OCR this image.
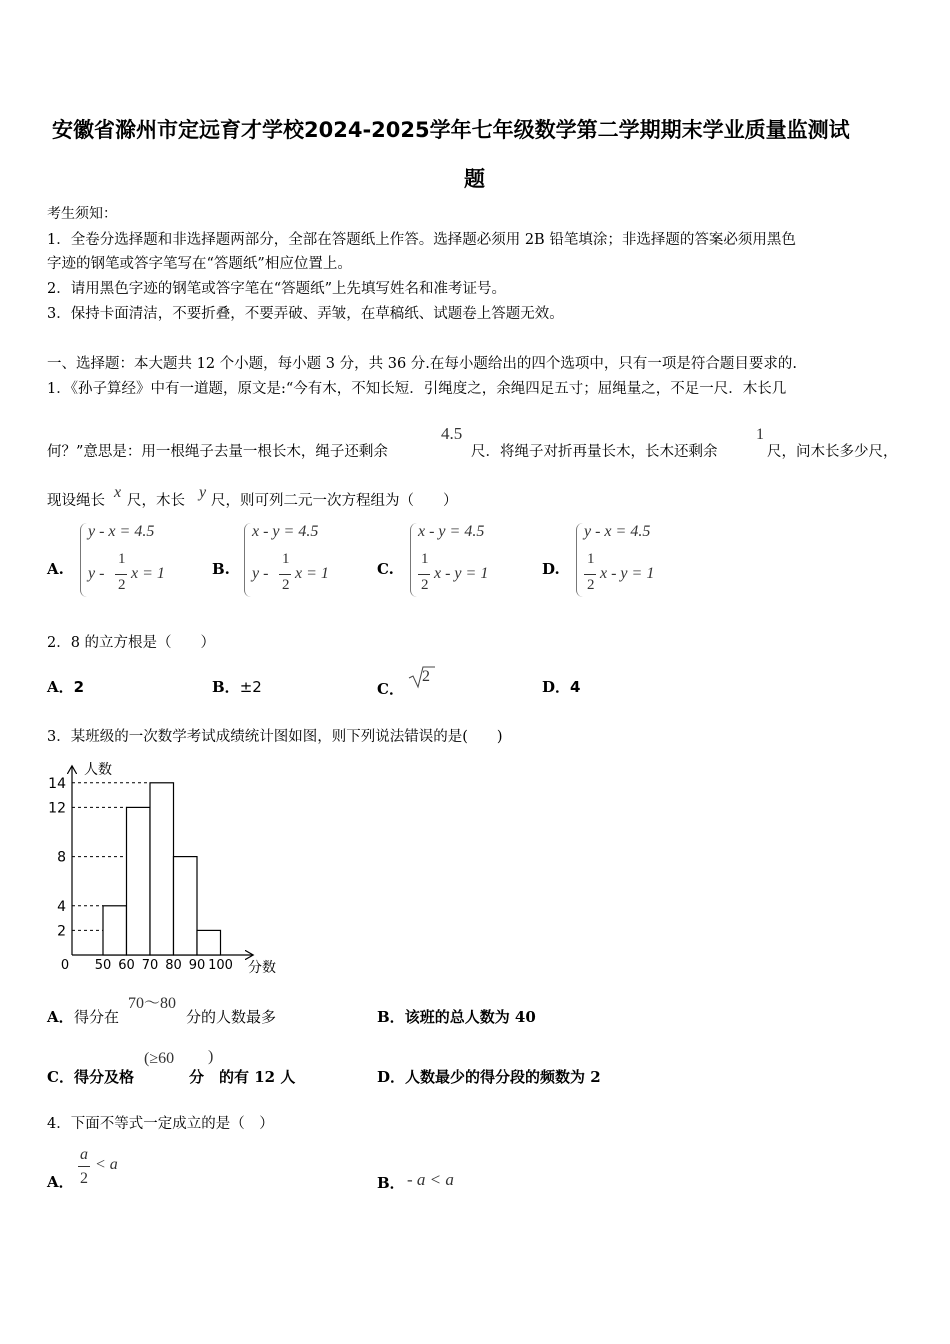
安徽省滁州市定远育才学校2024-2025学年七年级数学第二学期期末学业质量监测试
题
考生须知：
1．全卷分选择题和非选择题两部分，全部在答题纸上作答。选择题必须用 2B 铅笔填涂；非选择题的答案必须用黑色
字迹的钢笔或答字笔写在“答题纸”相应位置上。
2．请用黑色字迹的钢笔或答字笔在“答题纸”上先填写姓名和准考证号。
3．保持卡面清洁，不要折叠，不要弄破、弄皱，在草稿纸、试题卷上答题无效。
一、选择题：本大题共 12 个小题，每小题 3 分，共 36 分.在每小题给出的四个选项中，只有一项是符合题目要求的.
1．《孙子算经》中有一道题，原文是:“今有木，不知长短．引绳度之，余绳四足五寸；屈绳量之，不足一尺．木长几
何？”意思是：用一根绳子去量一根长木，绳子还剩余
4.5
尺．将绳子对折再量长木，长木还剩余
1
尺，问木长多少尺，
现设绳长 x 尺，木长 y 尺，则可列二元一次方程组为（　　）
A.
y - x = 4.5
y -
1
2
x = 1	B.
x - y = 4.5
y -
1
2
x = 1	C.
x - y = 4.5
1
2
x - y = 1	D.
y - x = 4.5
1
2
x - y = 1
2．8 的立方根是（　　）
A．2	B．±2	C．
2
D．4
3．某班级的一次数学考试成绩统计图如图，则下列说法错误的是(　　)
2
4
8
12
14
0 50 60 70 80 90 100
人数
分数
A． 得分在
70～80
分的人数最多	B．该班的总人数为 40
C． 得分及格
(≥60 )
分 的有 12 人	D．人数最少的得分段的频数为 2
4．下面不等式一定成立的是（　）
A．
a
2
< a
B． - a < a
